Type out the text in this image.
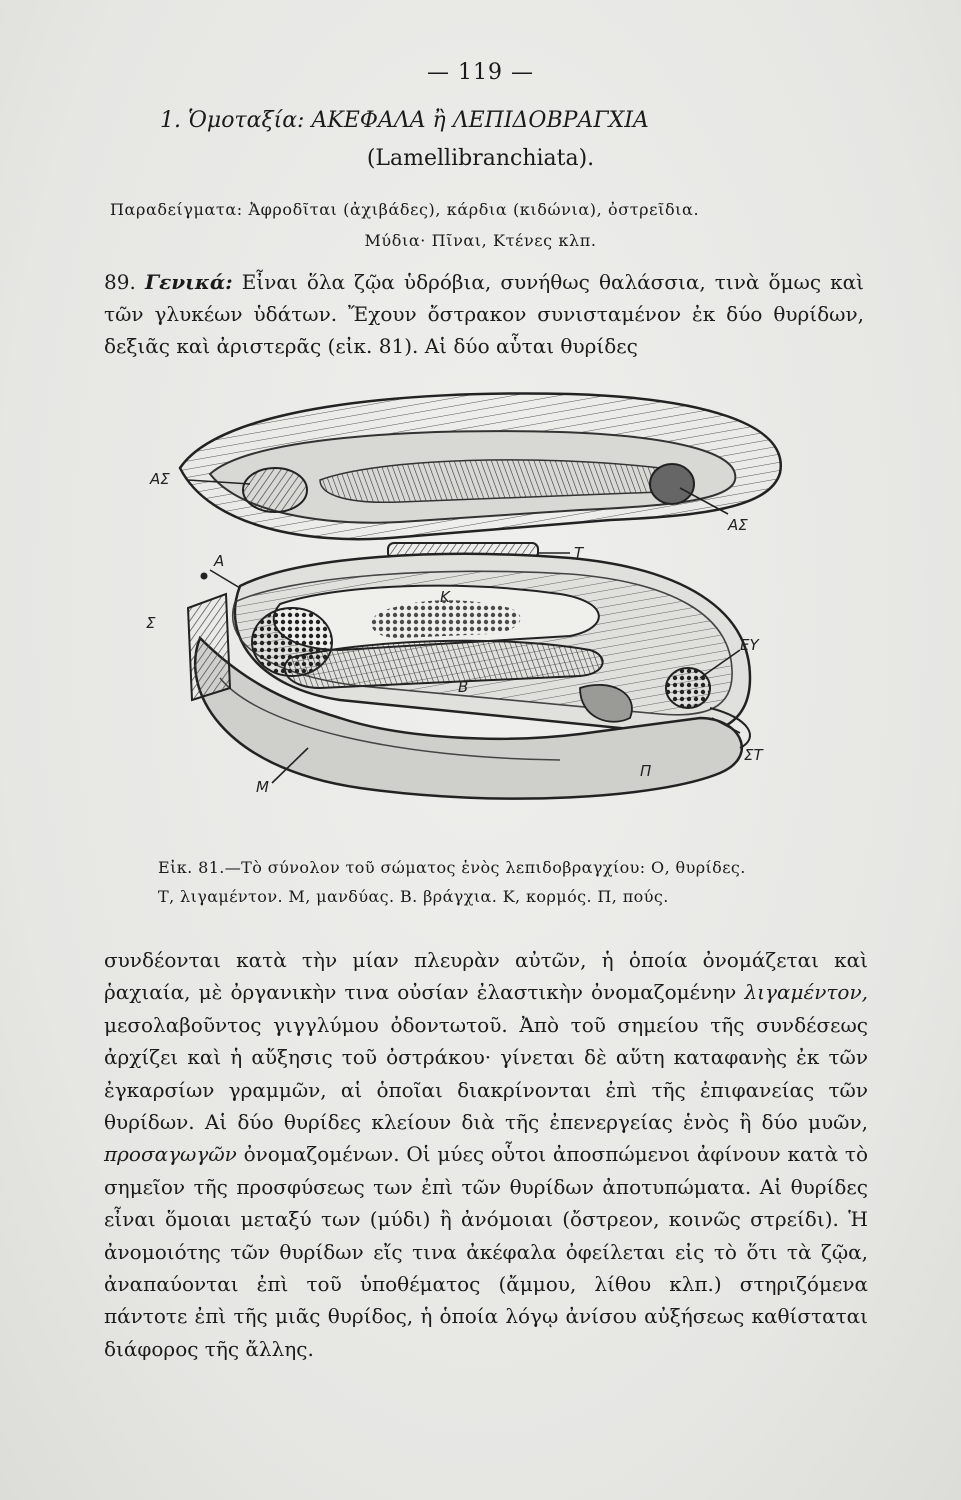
— 119 —
1. Ὁμοταξία: ΑΚΕΦΑΛΑ ἢ ΛΕΠΙΔΟΒΡΑΓΧΙΑ
(Lamellibranchiata).
Παραδείγματα: Ἀφροδῖται (ἀχιβάδες), κάρδια (κιδώνια), ὀστρεῖδια.
Μύδια· Πῖναι, Κτένες κλπ.
89. Γενικά: Εἶναι ὅλα ζῷα ὑδρόβια, συνήθως θαλάσσια, τινὰ ὅμως καὶ τῶν γλυκέων ὑδάτων. Ἔχουν ὄστρακον συνισταμένον ἐκ δύο θυρίδων, δεξιᾶς καὶ ἀριστερᾶς (εἰκ. 81). Αἱ δύο αὗται θυρίδες
ΑΣ
ΑΣ
Τ
Α
Κ
Σ
Β
ΕΥ
ΣΤ
Π
Μ
Εἰκ. 81.—Τὸ σύνολον τοῦ σώματος ἑνὸς λεπιδοβραγχίου: Ο, θυρίδες.
Τ, λιγαμέντον. Μ, μανδύας. Β. βράγχια. Κ, κορμός. Π, πούς.
συνδέονται κατὰ τὴν μίαν πλευρὰν αὐτῶν, ἡ ὁποία ὀνομάζεται καὶ ῥαχιαία, μὲ ὀργανικὴν τινα οὐσίαν ἐλαστικὴν ὀνομαζομένην λιγαμέντον, μεσολαβοῦντος γιγγλύμου ὀδοντωτοῦ. Ἀπὸ τοῦ σημείου τῆς συνδέσεως ἀρχίζει καὶ ἡ αὔξησις τοῦ ὀστράκου· γίνεται δὲ αὕτη καταφανὴς ἐκ τῶν ἐγκαρσίων γραμμῶν, αἱ ὁποῖαι διακρίνονται ἐπὶ τῆς ἐπιφανείας τῶν θυρίδων. Αἱ δύο θυρίδες κλείουν διὰ τῆς ἐπενεργείας ἑνὸς ἢ δύο μυῶν, προσαγωγῶν ὀνομαζομένων. Οἱ μύες οὗτοι ἀποσπώμενοι ἀφίνουν κατὰ τὸ σημεῖον τῆς προσφύσεως των ἐπὶ τῶν θυρίδων ἀποτυπώματα. Αἱ θυρίδες εἶναι ὅμοιαι μεταξύ των (μύδι) ἢ ἀνόμοιαι (ὄστρεον, κοινῶς στρείδι). Ἡ ἀνομοιότης τῶν θυρίδων εἴς τινα ἀκέφαλα ὀφείλεται εἰς τὸ ὅτι τὰ ζῷα, ἀναπαύονται ἐπὶ τοῦ ὑποθέματος (ἄμμου, λίθου κλπ.) στηριζόμενα πάντοτε ἐπὶ τῆς μιᾶς θυρίδος, ἡ ὁποία λόγῳ ἀνίσου αὐξήσεως καθίσταται διάφορος τῆς ἄλλης.
